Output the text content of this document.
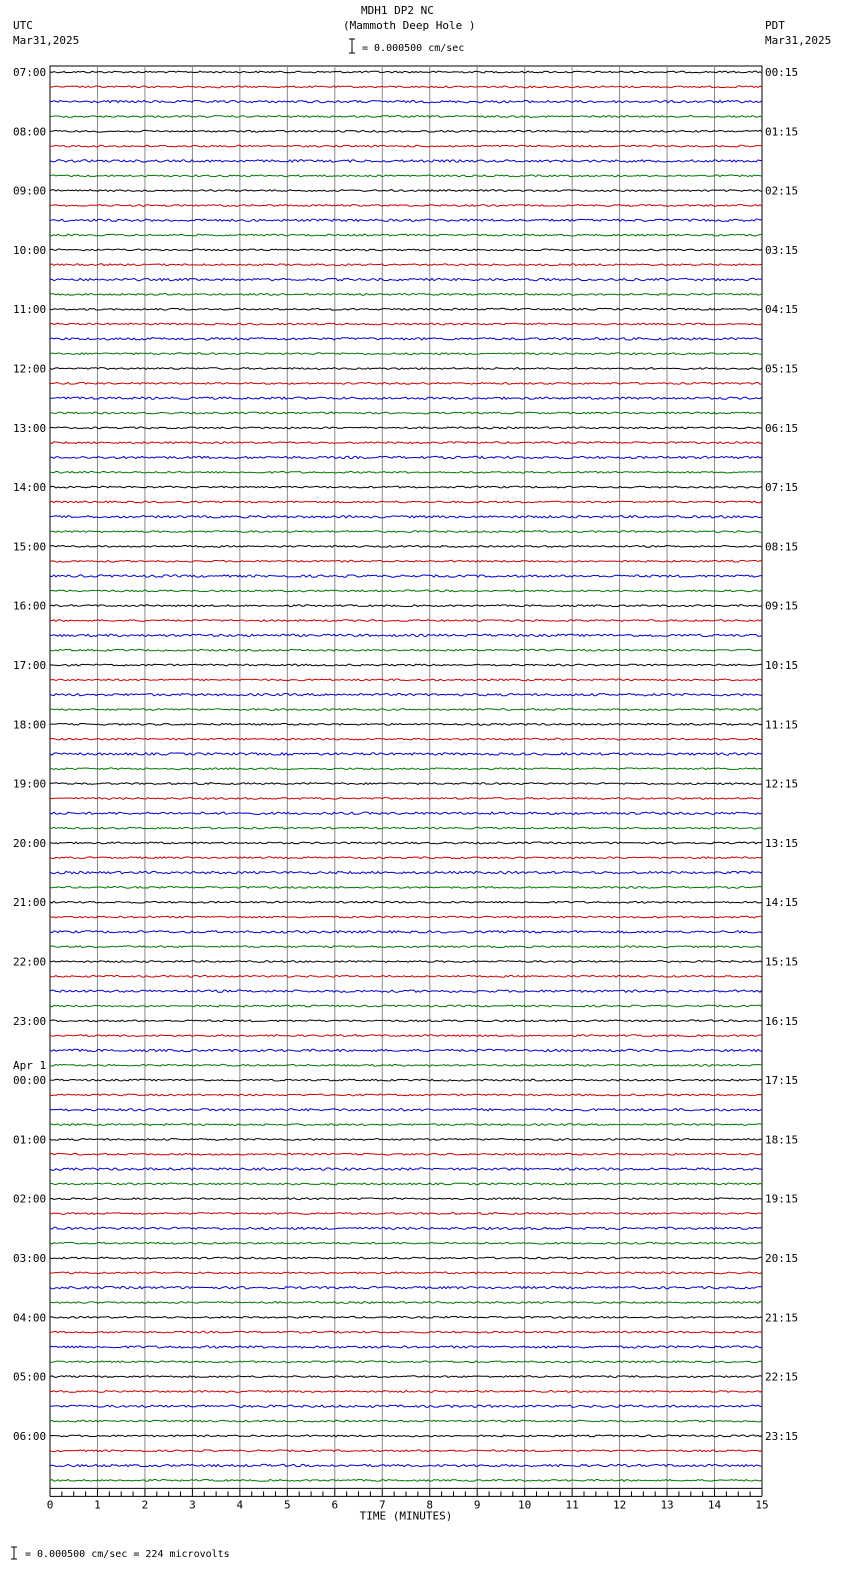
MDH1 DP2 NC
(Mammoth Deep Hole )
UTC
Mar31,2025
PDT
Mar31,2025
= 0.000500 cm/sec
= 0.000500 cm/sec = 224 microvolts
07:00	00:15
08:00	01:15
09:00	02:15
10:00	03:15
11:00	04:15
12:00	05:15
13:00	06:15
14:00	07:15
15:00	08:15
16:00	09:15
17:00	10:15
18:00	11:15
19:00	12:15
20:00	13:15
21:00	14:15
22:00	15:15
23:00	16:15
00:00	17:15
01:00	18:15
02:00	19:15
03:00	20:15
04:00	21:15
05:00	22:15
06:00	23:15
Apr 1
0	1	2	3	4	5	6	7	8	9	10	11	12	13	14	15
TIME (MINUTES)
